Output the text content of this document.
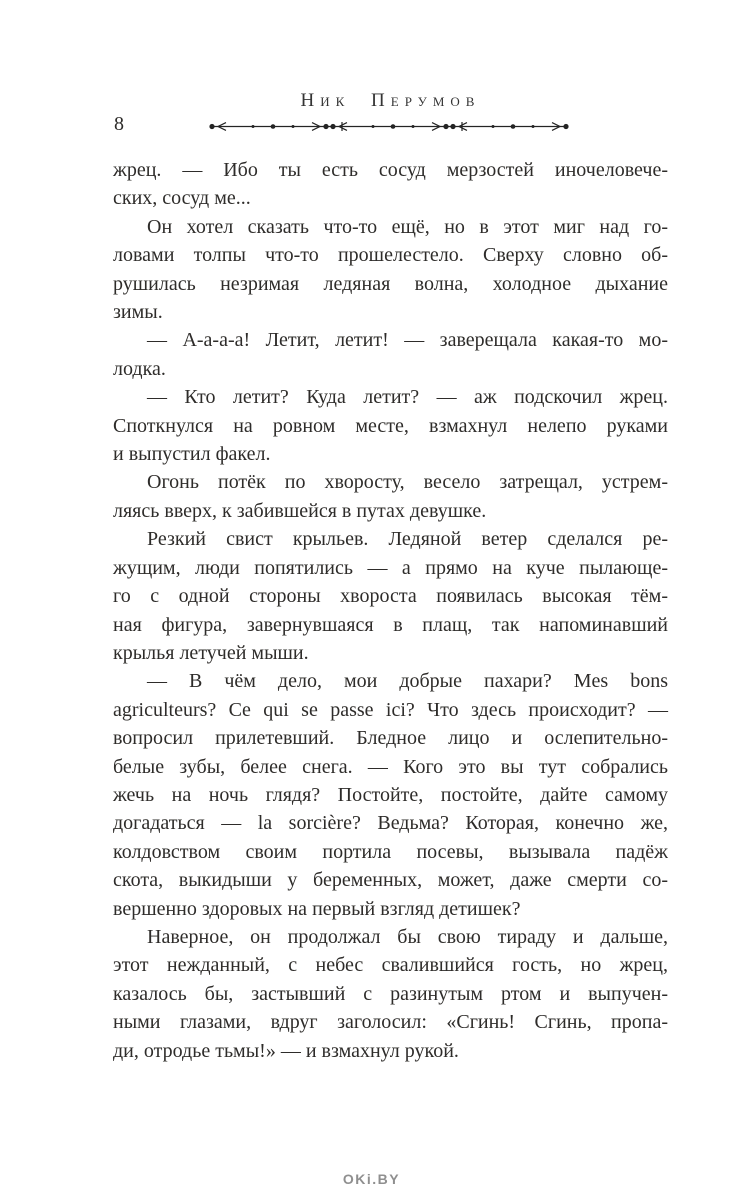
Ник Перумов
8
жрец. — Ибо ты есть сосуд мерзостей иночеловече-
ских, сосуд ме...
Он хотел сказать что-то ещё, но в этот миг над го-
ловами толпы что-то прошелестело. Сверху словно об-
рушилась незримая ледяная волна, холодное дыхание
зимы.
— А-а-а-а! Летит, летит! — заверещала какая-то мо-
лодка.
— Кто летит? Куда летит? — аж подскочил жрец.
Споткнулся на ровном месте, взмахнул нелепо руками
и выпустил факел.
Огонь потёк по хворосту, весело затрещал, устрем-
ляясь вверх, к забившейся в путах девушке.
Резкий свист крыльев. Ледяной ветер сделался ре-
жущим, люди попятились — а прямо на куче пылающе-
го с одной стороны хвороста появилась высокая тём-
ная фигура, завернувшаяся в плащ, так напоминавший
крылья летучей мыши.
— В чём дело, мои добрые пахари? Mes bons
agriculteurs? Ce qui se passe ici? Что здесь происходит? —
вопросил прилетевший. Бледное лицо и ослепительно-
белые зубы, белее снега. — Кого это вы тут собрались
жечь на ночь глядя? Постойте, постойте, дайте самому
догадаться — la sorcière? Ведьма? Которая, конечно же,
колдовством своим портила посевы, вызывала падёж
скота, выкидыши у беременных, может, даже смерти со-
вершенно здоровых на первый взгляд детишек?
Наверное, он продолжал бы свою тираду и дальше,
этот нежданный, с небес свалившийся гость, но жрец,
казалось бы, застывший с разинутым ртом и выпучен-
ными глазами, вдруг заголосил: «Сгинь! Сгинь, пропа-
ди, отродье тьмы!» — и взмахнул рукой.
OKi.BY
